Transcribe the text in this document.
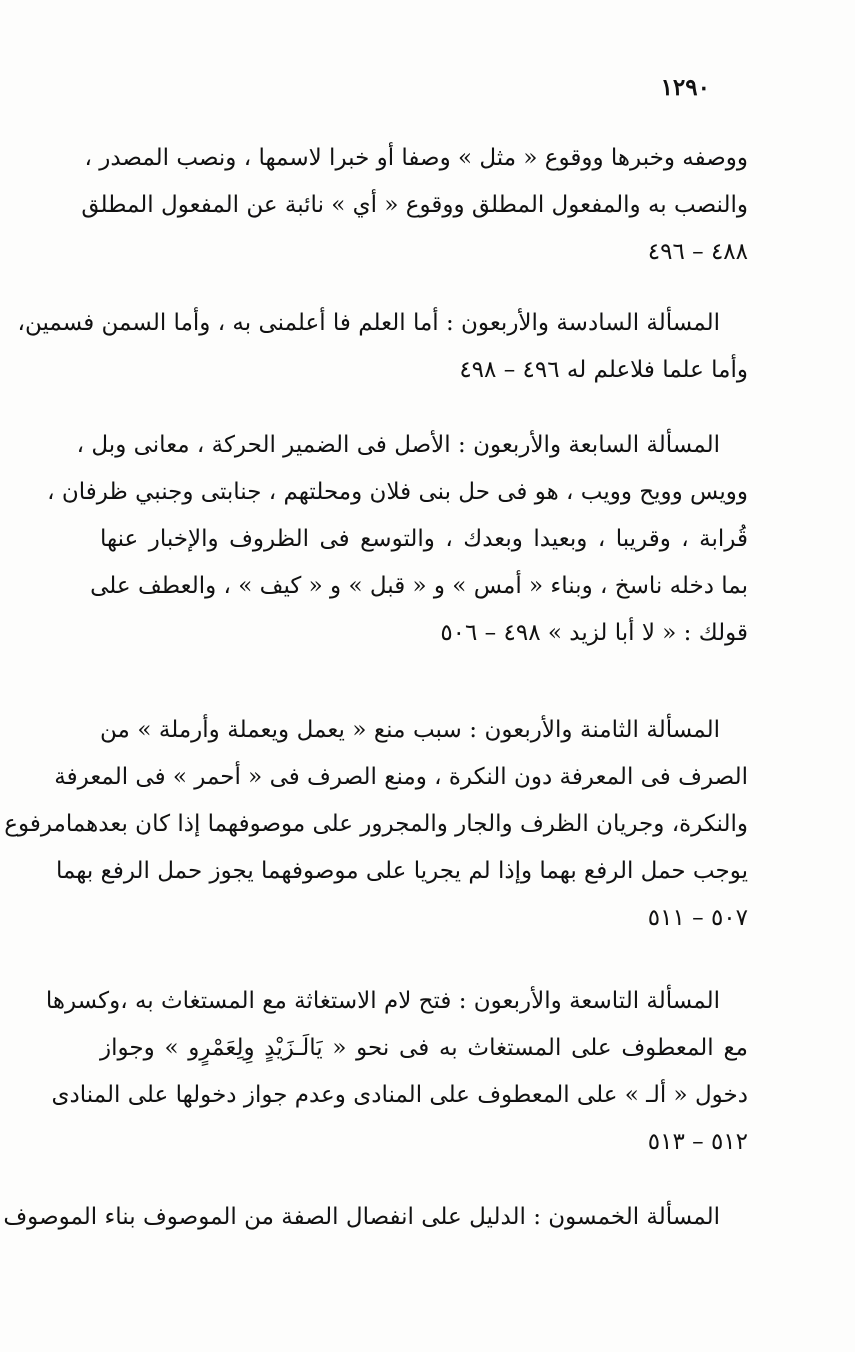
١٢٩٠

ووصفه وخبرها ووقوع « مثل » وصفا أو خبرا لاسمها ، ونصب المصدر ،
والنصب به والمفعول المطلق ووقوع « أي » نائبة عن المفعول المطلق
٤٨٨ – ٤٩٦

المسألة السادسة والأربعون : أما العلم فا أعلمنى به ، وأما السمن فسمين،
وأما علما فلاعلم له ٤٩٦ – ٤٩٨

المسألة السابعة والأربعون : الأصل فى الضمير الحركة ، معانى وبل ،
وويس وويح وويب ، هو فى حل بنى فلان ومحلتهم ، جنابتى وجنبي ظرفان ،
قُرابة ، وقريبا ، وبعيدا وبعدك ، والتوسع فى الظروف والإخبار عنها
بما دخله ناسخ ، وبناء « أمس » و « قبل » و « كيف » ، والعطف على
قولك : « لا أبا لزيد » ٤٩٨ – ٥٠٦

المسألة الثامنة والأربعون : سبب منع « يعمل ويعملة وأرملة » من
الصرف فى المعرفة دون النكرة ، ومنع الصرف فى « أحمر » فى المعرفة
والنكرة، وجريان الظرف والجار والمجرور على موصوفهما إذا كان بعدهمامرفوع
يوجب حمل الرفع بهما وإذا لم يجريا على موصوفهما يجوز حمل الرفع بهما
٥٠٧ – ٥١١

المسألة التاسعة والأربعون : فتح لام الاستغاثة مع المستغاث به ،وكسرها
مع المعطوف على المستغاث به فى نحو « يَالَـزَيْدٍ وِلِعَمْرٍو » وجواز
دخول « ألـ » على المعطوف على المنادى وعدم جواز دخولها على المنادى
٥١٢ – ٥١٣

المسألة الخمسون : الدليل على انفصال الصفة من الموصوف بناء الموصوف
